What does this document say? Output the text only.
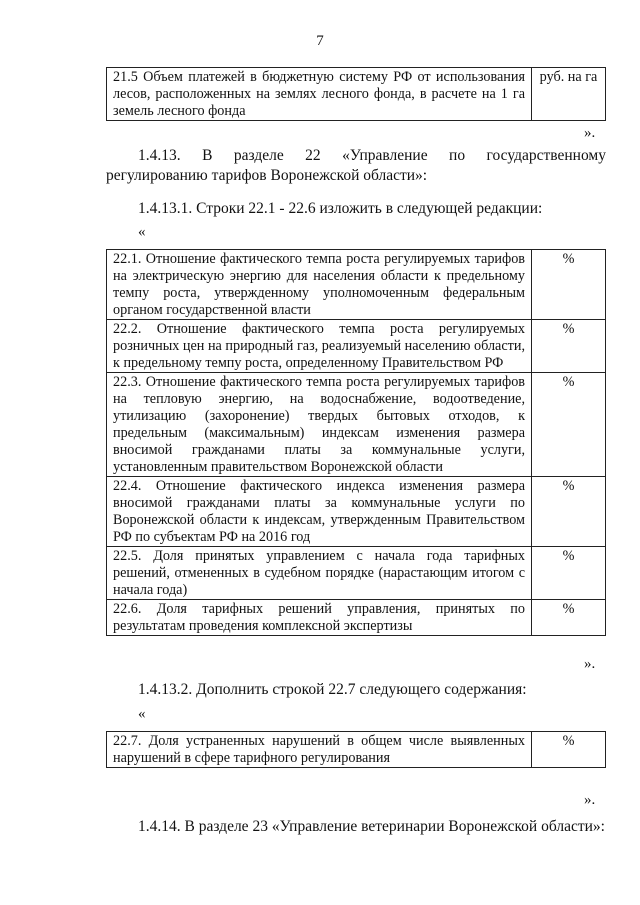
7
21.5 Объем платежей в бюджетную систему РФ от использования лесов, расположенных на землях лесного фонда, в расчете на 1 га земель лесного фонда	руб. на га
».
1.4.13. В разделе 22 «Управление по государственному регулированию тарифов Воронежской области»:
1.4.13.1. Строки 22.1 - 22.6 изложить в следующей редакции:
«
22.1. Отношение фактического темпа роста регулируемых тарифов на электрическую энергию для населения области к предельному темпу роста, утвержденному уполномоченным федеральным органом государственной власти	%
22.2. Отношение фактического темпа роста регулируемых розничных цен на природный газ, реализуемый населению области, к предельному темпу роста, определенному Правительством РФ	%
22.3. Отношение фактического темпа роста регулируемых тарифов на тепловую энергию, на водоснабжение, водоотведение, утилизацию (захоронение) твердых бытовых отходов, к предельным (максимальным) индексам изменения размера вносимой гражданами платы за коммунальные услуги, установленным правительством Воронежской области	%
22.4. Отношение фактического индекса изменения размера вносимой гражданами платы за коммунальные услуги по Воронежской области к индексам, утвержденным Правительством РФ по субъектам РФ на 2016 год	%
22.5. Доля принятых управлением с начала года тарифных решений, отмененных в судебном порядке (нарастающим итогом с начала года)	%
22.6. Доля тарифных решений управления, принятых по результатам проведения комплексной экспертизы	%
».
1.4.13.2. Дополнить строкой 22.7 следующего содержания:
«
22.7. Доля устраненных нарушений в общем числе выявленных нарушений в сфере тарифного регулирования	%
».
1.4.14. В разделе 23 «Управление ветеринарии Воронежской области»:
